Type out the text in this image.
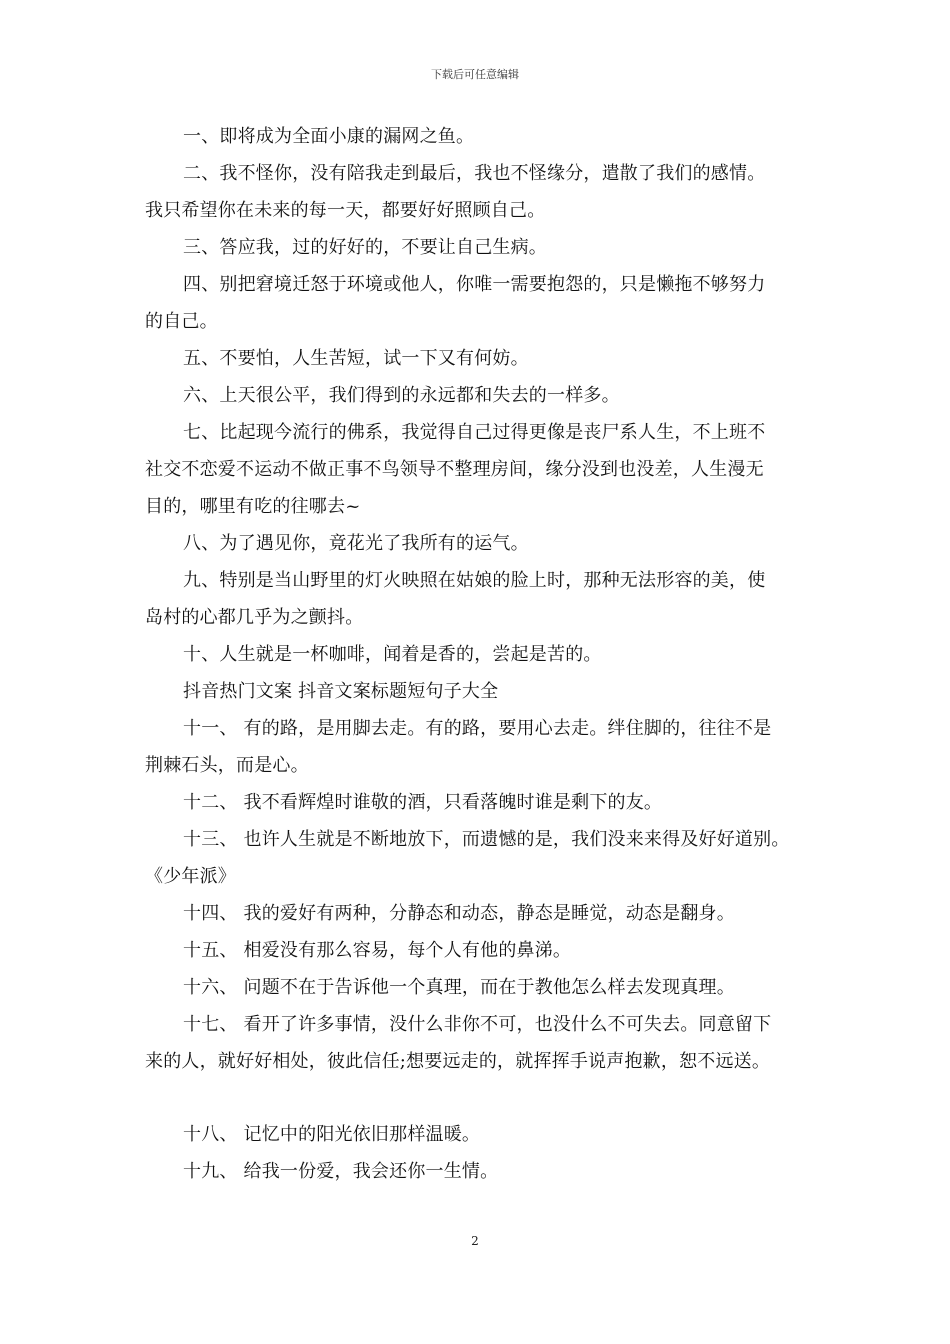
下载后可任意编辑
一、即将成为全面小康的漏网之鱼。
二、我不怪你，没有陪我走到最后，我也不怪缘分，遣散了我们的感情。
我只希望你在未来的每一天，都要好好照顾自己。
三、答应我，过的好好的，不要让自己生病。
四、别把窘境迁怒于环境或他人，你唯一需要抱怨的，只是懒拖不够努力
的自己。
五、不要怕，人生苦短，试一下又有何妨。
六、上天很公平，我们得到的永远都和失去的一样多。
七、比起现今流行的佛系，我觉得自己过得更像是丧尸系人生，不上班不
社交不恋爱不运动不做正事不鸟领导不整理房间，缘分没到也没差，人生漫无
目的，哪里有吃的往哪去~
八、为了遇见你，竟花光了我所有的运气。
九、特别是当山野里的灯火映照在姑娘的脸上时，那种无法形容的美，使
岛村的心都几乎为之颤抖。
十、人生就是一杯咖啡，闻着是香的，尝起是苦的。
抖音热门文案 抖音文案标题短句子大全
十一、 有的路，是用脚去走。有的路，要用心去走。绊住脚的，往往不是
荆棘石头，而是心。
十二、 我不看辉煌时谁敬的酒，只看落魄时谁是剩下的友。
十三、 也许人生就是不断地放下，而遗憾的是，我们没来来得及好好道别。
《少年派》
十四、 我的爱好有两种，分静态和动态，静态是睡觉，动态是翻身。
十五、 相爱没有那么容易，每个人有他的鼻涕。
十六、 问题不在于告诉他一个真理，而在于教他怎么样去发现真理。
十七、 看开了许多事情，没什么非你不可，也没什么不可失去。同意留下
来的人，就好好相处，彼此信任;想要远走的，就挥挥手说声抱歉，恕不远送。
十八、 记忆中的阳光依旧那样温暖。
十九、 给我一份爱，我会还你一生情。
2
